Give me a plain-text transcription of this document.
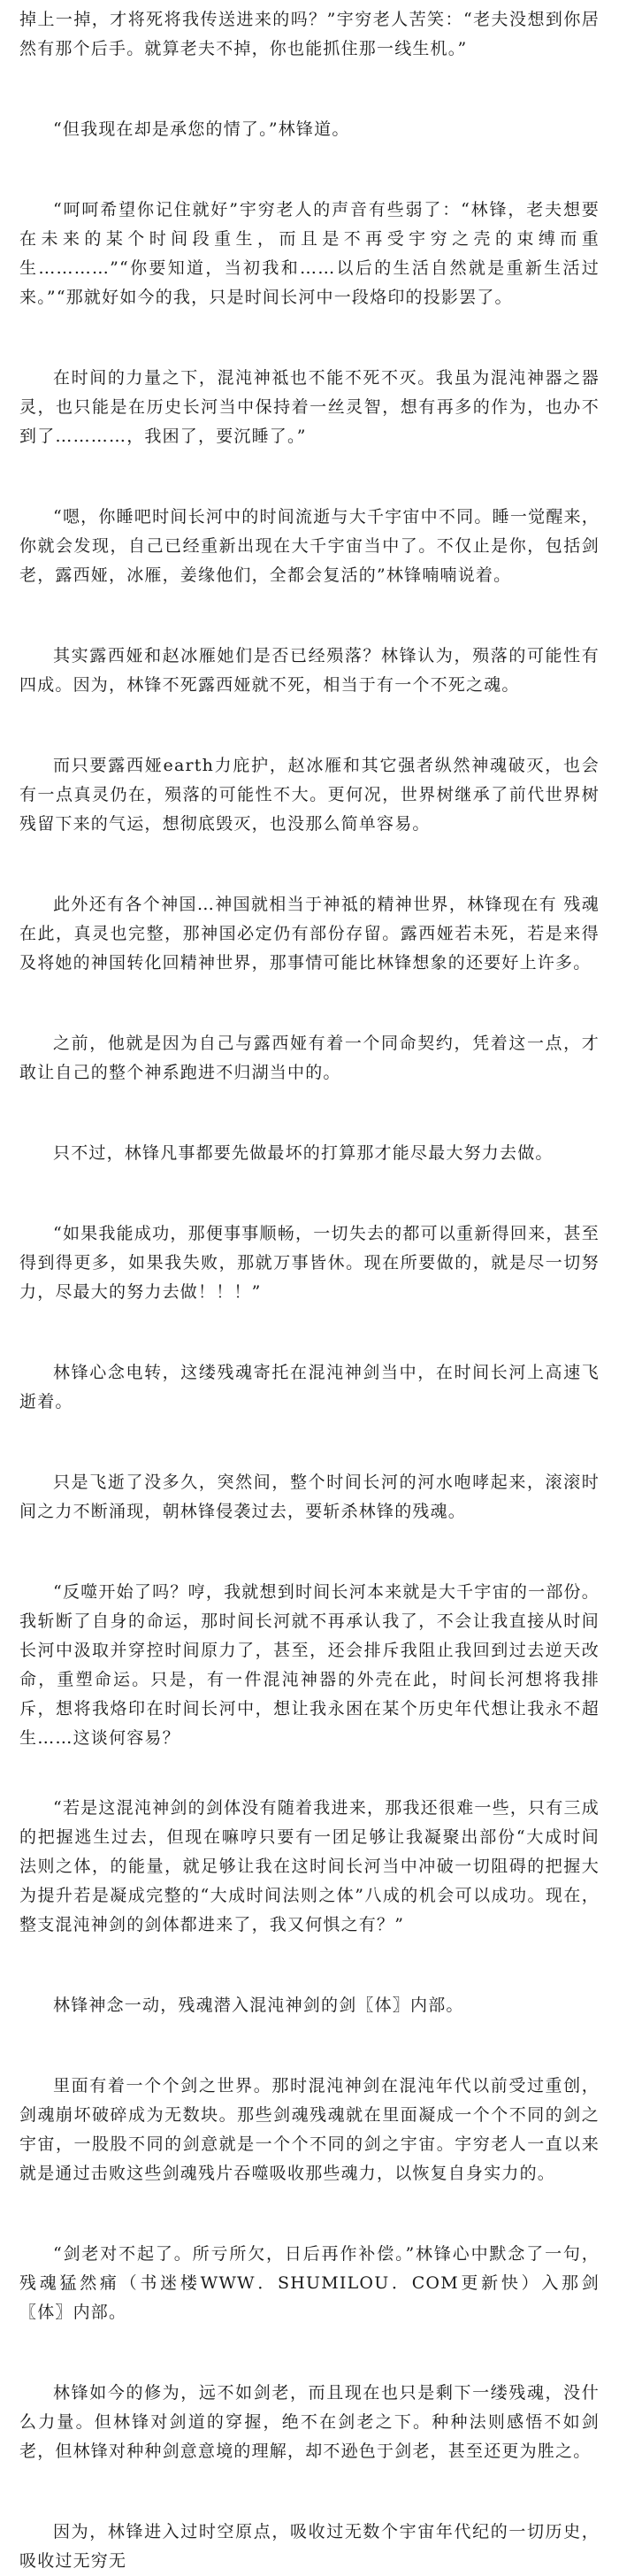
掉上一掉，才将死将我传送进来的吗？”宇穷老人苦笑：“老夫没想到你居然有那个后手。就算老夫不掉，你也能抓住那一线生机。”

“但我现在却是承您的情了。”林锋道。

“呵呵希望你记住就好”宇穷老人的声音有些弱了：“林锋，老夫想要在未来的某个时间段重生，而且是不再受宇穷之壳的束缚而重生…………”“你要知道，当初我和……以后的生活自然就是重新生活过来。”“那就好如今的我，只是时间长河中一段烙印的投影罢了。

在时间的力量之下，混沌神祗也不能不死不灭。我虽为混沌神器之器灵，也只能是在历史长河当中保持着一丝灵智，想有再多的作为，也办不到了…………，我困了，要沉睡了。”

“嗯，你睡吧时间长河中的时间流逝与大千宇宙中不同。睡一觉醒来，你就会发现，自己已经重新出现在大千宇宙当中了。不仅止是你，包括剑老，露西娅，冰雁，姜缘他们，全都会复活的”林锋喃喃说着。

其实露西娅和赵冰雁她们是否已经殒落？林锋认为，殒落的可能性有四成。因为，林锋不死露西娅就不死，相当于有一个不死之魂。

而只要露西娅earth力庇护，赵冰雁和其它强者纵然神魂破灭，也会有一点真灵仍在，殒落的可能性不大。更何况，世界树继承了前代世界树残留下来的气运，想彻底毁灭，也没那么简单容易。

此外还有各个神国…神国就相当于神祗的精神世界，林锋现在有 残魂在此，真灵也完整，那神国必定仍有部份存留。露西娅若未死，若是来得及将她的神国转化回精神世界，那事情可能比林锋想象的还要好上许多。

之前，他就是因为自己与露西娅有着一个同命契约，凭着这一点，才敢让自己的整个神系跑进不归湖当中的。

只不过，林锋凡事都要先做最坏的打算那才能尽最大努力去做。

“如果我能成功，那便事事顺畅，一切失去的都可以重新得回来，甚至得到得更多，如果我失败，那就万事皆休。现在所要做的，就是尽一切努力，尽最大的努力去做！！！”

林锋心念电转，这缕残魂寄托在混沌神剑当中，在时间长河上高速飞逝着。

只是飞逝了没多久，突然间，整个时间长河的河水咆哮起来，滚滚时间之力不断涌现，朝林锋侵袭过去，要斩杀林锋的残魂。

“反噬开始了吗？哼，我就想到时间长河本来就是大千宇宙的一部份。我斩断了自身的命运，那时间长河就不再承认我了，不会让我直接从时间长河中汲取并穿控时间原力了，甚至，还会排斥我阻止我回到过去逆天改命，重塑命运。只是，有一件混沌神器的外壳在此，时间长河想将我排斥，想将我烙印在时间长河中，想让我永困在某个历史年代想让我永不超生……这谈何容易？

“若是这混沌神剑的剑体没有随着我进来，那我还很难一些，只有三成的把握逃生过去，但现在嘛哼只要有一团足够让我凝聚出部份“大成时间法则之体，的能量，就足够让我在这时间长河当中冲破一切阻碍的把握大为提升若是凝成完整的“大成时间法则之体”八成的机会可以成功。现在，整支混沌神剑的剑体都进来了，我又何惧之有？”

林锋神念一动，残魂潜入混沌神剑的剑〖体〗内部。

里面有着一个个剑之世界。那时混沌神剑在混沌年代以前受过重创，剑魂崩坏破碎成为无数块。那些剑魂残魂就在里面凝成一个个不同的剑之宇宙，一股股不同的剑意就是一个个不同的剑之宇宙。宇穷老人一直以来就是通过击败这些剑魂残片吞噬吸收那些魂力，以恢复自身实力的。

“剑老对不起了。所亏所欠，日后再作补偿。”林锋心中默念了一句，残魂猛然痛（书迷楼WWW．SHUMILOU．COM更新快）入那剑〖体〗内部。

林锋如今的修为，远不如剑老，而且现在也只是剩下一缕残魂，没什么力量。但林锋对剑道的穿握，绝不在剑老之下。种种法则感悟不如剑老，但林锋对种种剑意意境的理解，却不逊色于剑老，甚至还更为胜之。

因为，林锋进入过时空原点，吸收过无数个宇宙年代纪的一切历史，吸收过无穷无
